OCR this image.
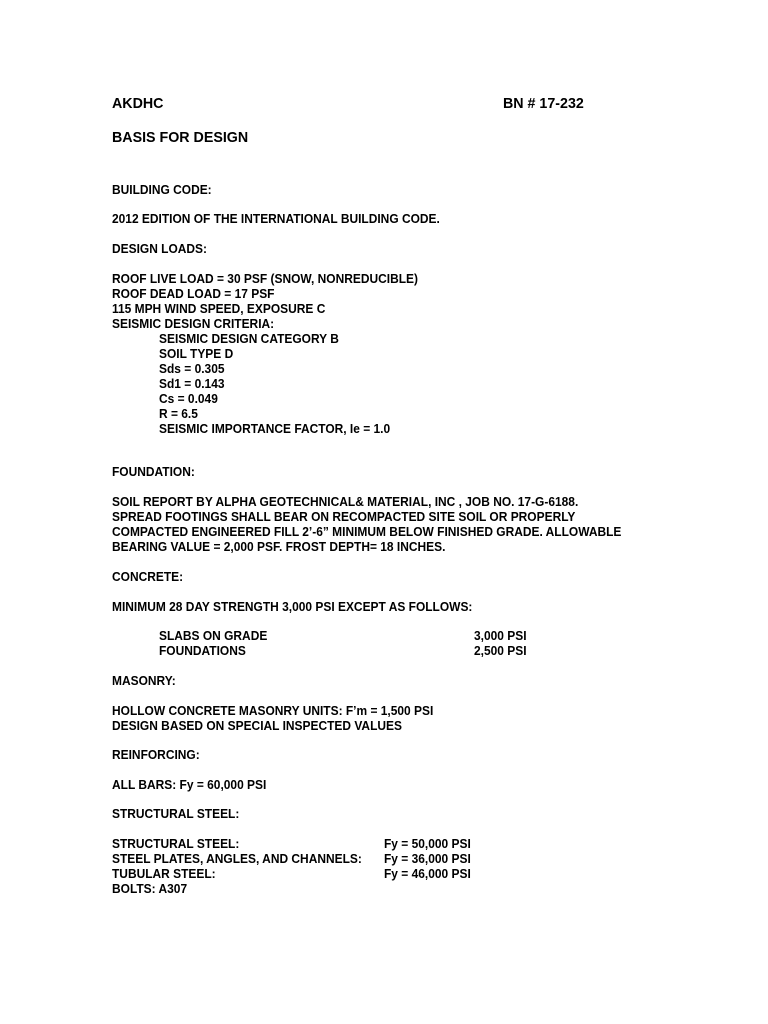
AKDHC	BN # 17-232
BASIS FOR DESIGN
BUILDING CODE:
2012 EDITION OF THE INTERNATIONAL BUILDING CODE.
DESIGN LOADS:
ROOF LIVE LOAD = 30 PSF (SNOW, NONREDUCIBLE)
ROOF DEAD LOAD = 17 PSF
115 MPH WIND SPEED, EXPOSURE C
SEISMIC DESIGN CRITERIA:
SEISMIC DESIGN CATEGORY B
SOIL TYPE D
Sds = 0.305
Sd1 = 0.143
Cs = 0.049
R = 6.5
SEISMIC IMPORTANCE FACTOR, Ie = 1.0
FOUNDATION:
SOIL REPORT BY ALPHA GEOTECHNICAL& MATERIAL, INC , JOB NO. 17-G-6188.
SPREAD FOOTINGS SHALL BEAR ON RECOMPACTED SITE SOIL OR PROPERLY
COMPACTED ENGINEERED FILL 2’-6” MINIMUM BELOW FINISHED GRADE. ALLOWABLE
BEARING VALUE = 2,000 PSF. FROST DEPTH= 18 INCHES.
CONCRETE:
MINIMUM 28 DAY STRENGTH 3,000 PSI EXCEPT AS FOLLOWS:
SLABS ON GRADE	3,000 PSI
FOUNDATIONS	2,500 PSI
MASONRY:
HOLLOW CONCRETE MASONRY UNITS: F’m = 1,500 PSI
DESIGN BASED ON SPECIAL INSPECTED VALUES
REINFORCING:
ALL BARS: Fy = 60,000 PSI
STRUCTURAL STEEL:
STRUCTURAL STEEL:	Fy = 50,000 PSI
STEEL PLATES, ANGLES, AND CHANNELS: Fy = 36,000 PSI
TUBULAR STEEL:	Fy = 46,000 PSI
BOLTS: A307
